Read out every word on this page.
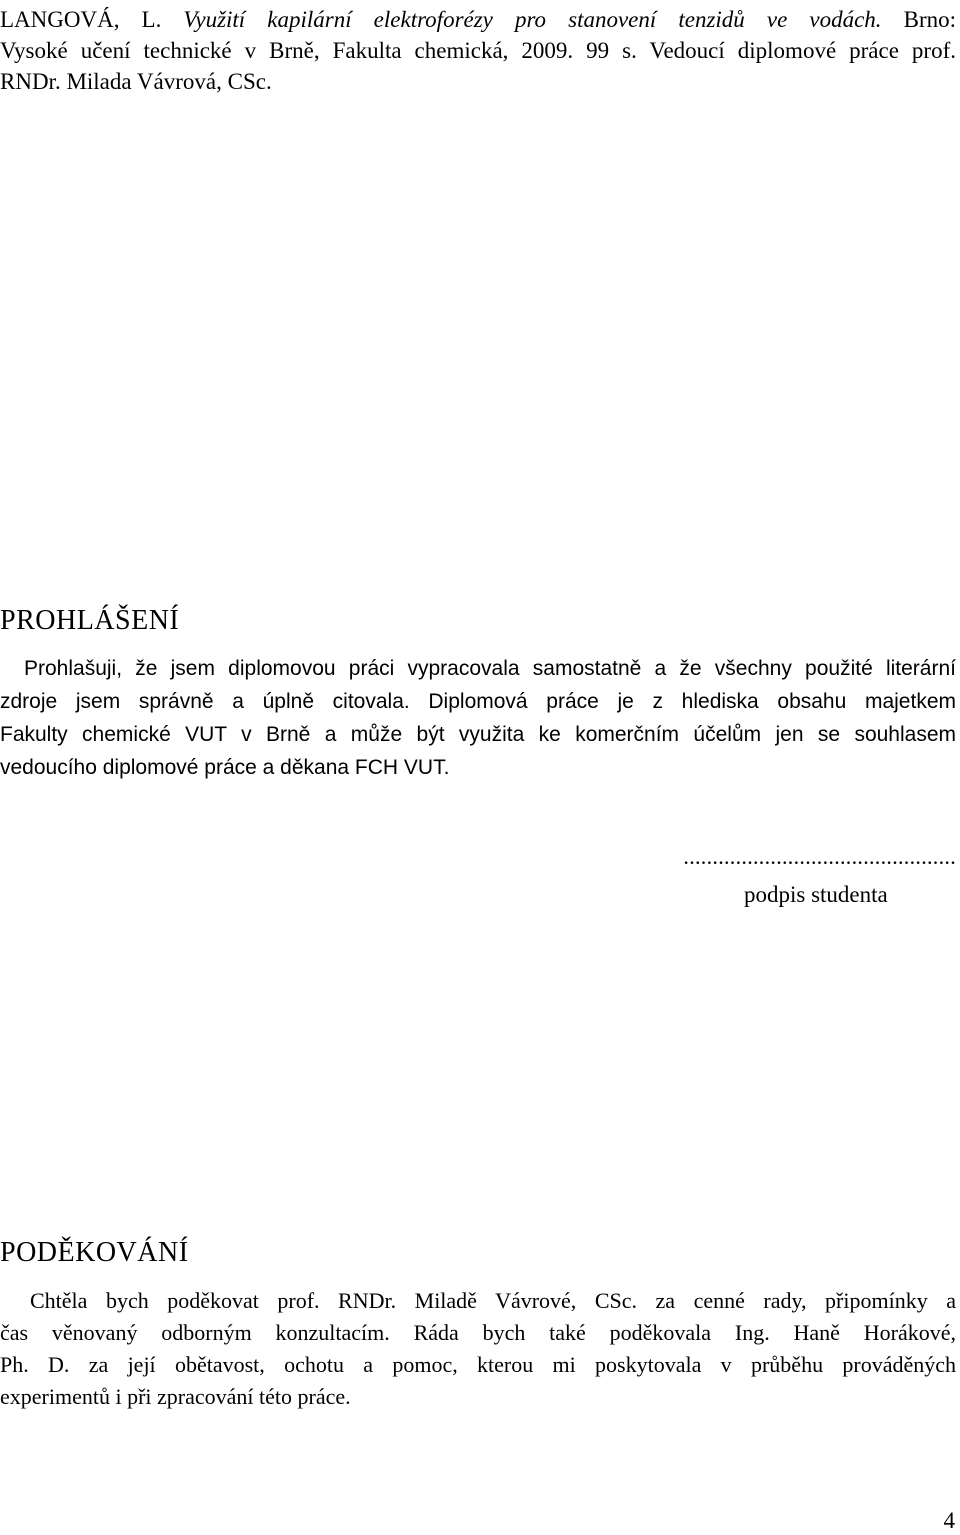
LANGOVÁ, L. Využití kapilární elektroforézy pro stanovení tenzidů ve vodách. Brno:
Vysoké učení technické v Brně, Fakulta chemická, 2009. 99 s. Vedoucí diplomové práce prof.
RNDr. Milada Vávrová, CSc.
PROHLÁŠENÍ
Prohlašuji, že jsem diplomovou práci vypracovala samostatně a že všechny použité literární
zdroje jsem správně a úplně citovala. Diplomová práce je z hlediska obsahu majetkem
Fakulty chemické VUT v Brně a může být využita ke komerčním účelům jen se souhlasem
vedoucího diplomové práce a děkana FCH VUT.
...............................................
podpis studenta
PODĚKOVÁNÍ
Chtěla bych poděkovat prof. RNDr. Miladě Vávrové, CSc. za cenné rady, připomínky a
čas věnovaný odborným konzultacím. Ráda bych také poděkovala Ing. Haně Horákové,
Ph. D. za její obětavost, ochotu a pomoc, kterou mi poskytovala v průběhu prováděných
experimentů i při zpracování této práce.
4
